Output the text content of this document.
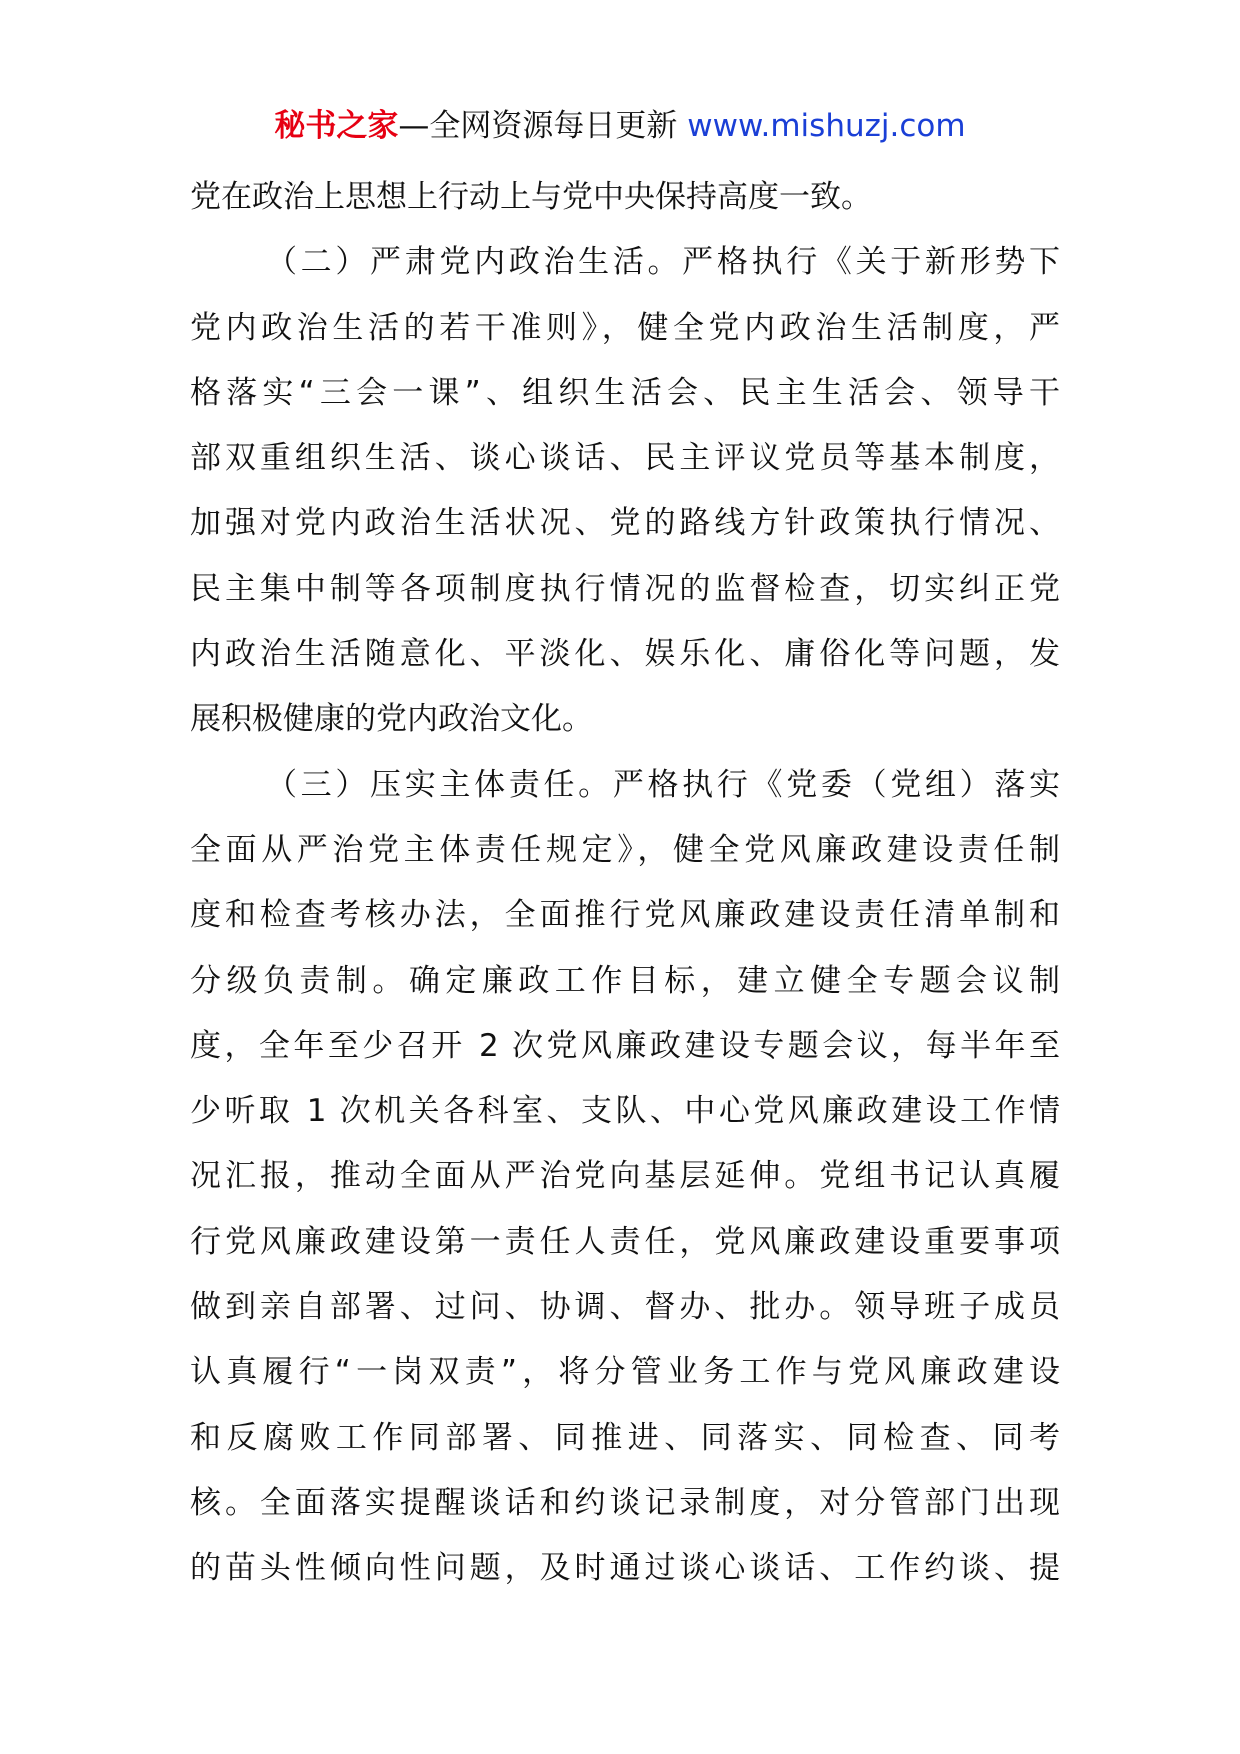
秘书之家—全网资源每日更新 www.mishuzj.com
党在政治上思想上行动上与党中央保持高度一致。
（二）严肃党内政治生活。严格执行《关于新形势下
党内政治生活的若干准则》，健全党内政治生活制度，严
格落实“三会一课”、组织生活会、民主生活会、领导干
部双重组织生活、谈心谈话、民主评议党员等基本制度，
加强对党内政治生活状况、党的路线方针政策执行情况、
民主集中制等各项制度执行情况的监督检查，切实纠正党
内政治生活随意化、平淡化、娱乐化、庸俗化等问题，发
展积极健康的党内政治文化。
（三）压实主体责任。严格执行《党委（党组）落实
全面从严治党主体责任规定》，健全党风廉政建设责任制
度和检查考核办法，全面推行党风廉政建设责任清单制和
分级负责制。确定廉政工作目标，建立健全专题会议制
度，全年至少召开 2 次党风廉政建设专题会议，每半年至
少听取 1 次机关各科室、支队、中心党风廉政建设工作情
况汇报，推动全面从严治党向基层延伸。党组书记认真履
行党风廉政建设第一责任人责任，党风廉政建设重要事项
做到亲自部署、过问、协调、督办、批办。领导班子成员
认真履行“一岗双责”，将分管业务工作与党风廉政建设
和反腐败工作同部署、同推进、同落实、同检查、同考
核。全面落实提醒谈话和约谈记录制度，对分管部门出现
的苗头性倾向性问题，及时通过谈心谈话、工作约谈、提
